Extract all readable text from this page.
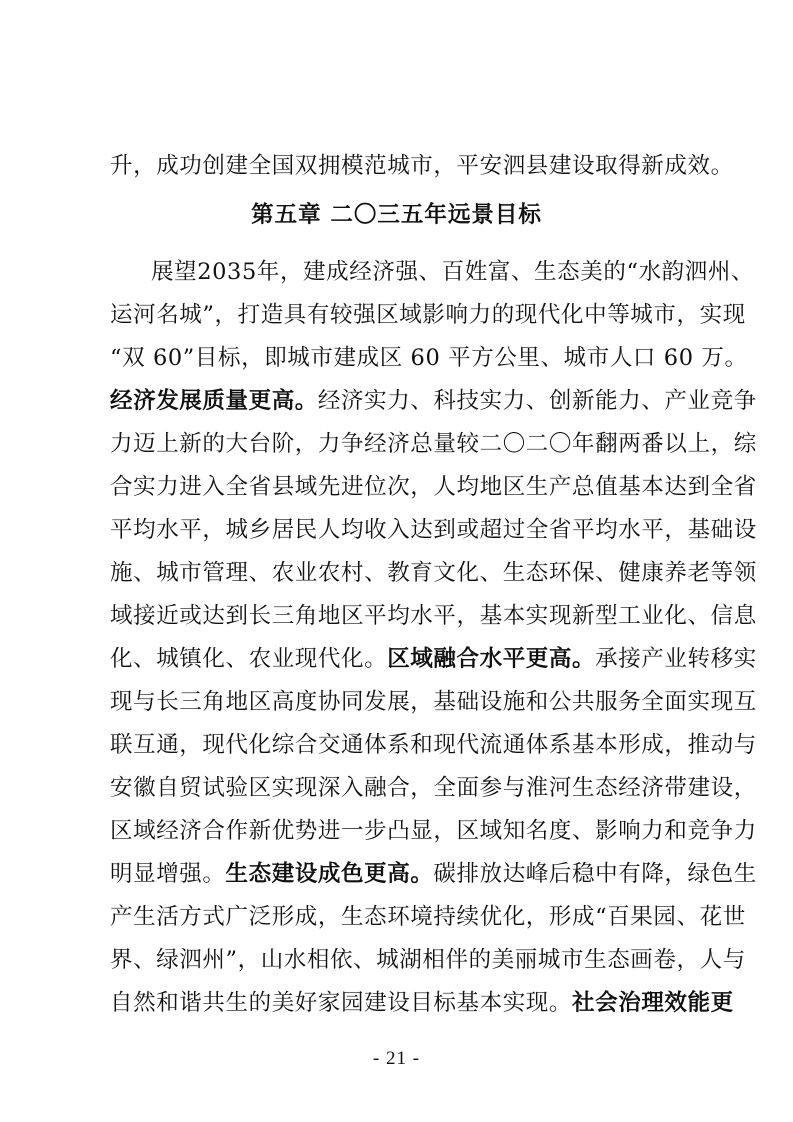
升，成功创建全国双拥模范城市，平安泗县建设取得新成效。
第五章 二〇三五年远景目标
展望2035年，建成经济强、百姓富、生态美的“水韵泗州、
运河名城”，打造具有较强区域影响力的现代化中等城市，实现
“双 60”目标，即城市建成区 60 平方公里、城市人口 60 万。
经济发展质量更高。经济实力、科技实力、创新能力、产业竞争
力迈上新的大台阶，力争经济总量较二〇二〇年翻两番以上，综
合实力进入全省县域先进位次，人均地区生产总值基本达到全省
平均水平，城乡居民人均收入达到或超过全省平均水平，基础设
施、城市管理、农业农村、教育文化、生态环保、健康养老等领
域接近或达到长三角地区平均水平，基本实现新型工业化、信息
化、城镇化、农业现代化。区域融合水平更高。承接产业转移实
现与长三角地区高度协同发展，基础设施和公共服务全面实现互
联互通，现代化综合交通体系和现代流通体系基本形成，推动与
安徽自贸试验区实现深入融合，全面参与淮河生态经济带建设，
区域经济合作新优势进一步凸显，区域知名度、影响力和竞争力
明显增强。生态建设成色更高。碳排放达峰后稳中有降，绿色生
产生活方式广泛形成，生态环境持续优化，形成“百果园、花世
界、绿泗州”，山水相依、城湖相伴的美丽城市生态画卷，人与
自然和谐共生的美好家园建设目标基本实现。社会治理效能更
- 21 -
